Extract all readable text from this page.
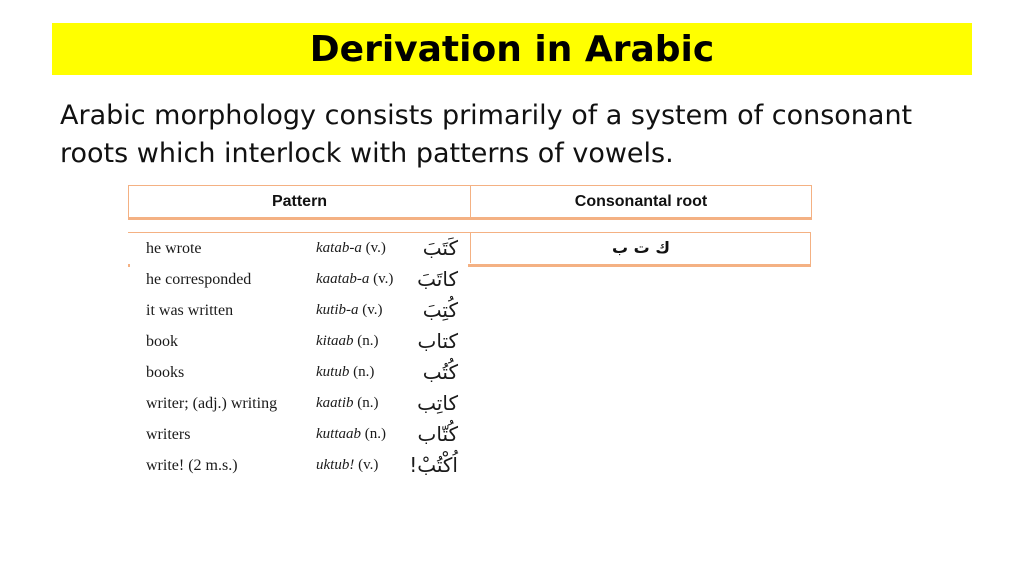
Derivation in Arabic
Arabic morphology consists primarily of a system of consonant roots which interlock with patterns of vowels.
Pattern	Consonantal root
ك ت ب
he wrote	katab-a (v.) كَتَبَ
he corresponded	kaatab-a (v.) كاتَبَ
it was written	kutib-a (v.) كُتِبَ
book	kitaab (n.) كتاب
books	kutub (n.) كُتُب
writer; (adj.) writing	kaatib (n.) كاتِب
writers	kuttaab (n.) كُتّاب
write! (2 m.s.)	uktub! (v.) اُكْتُبْ!
